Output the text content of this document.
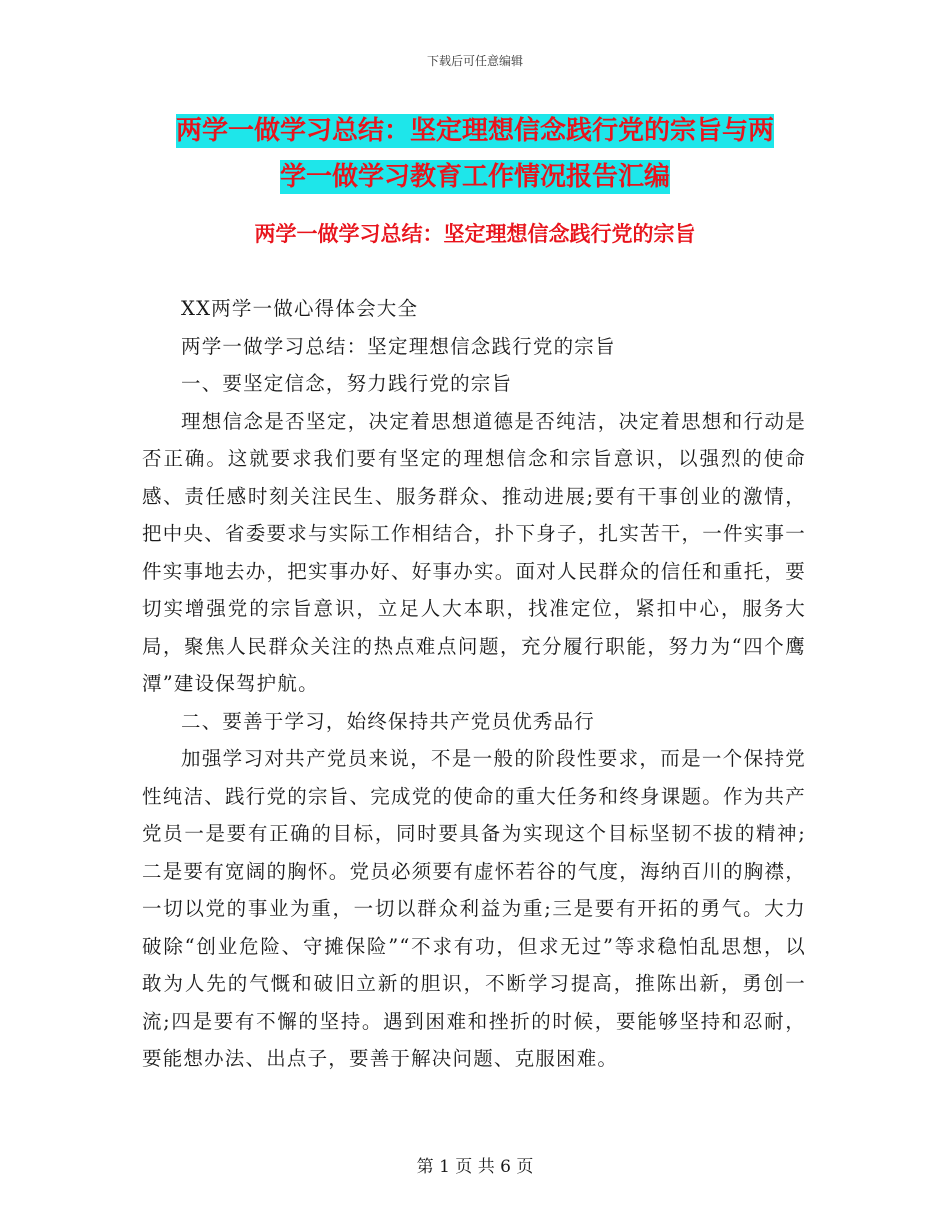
下载后可任意编辑
两学一做学习总结：坚定理想信念践行党的宗旨与两
学一做学习教育工作情况报告汇编
两学一做学习总结：坚定理想信念践行党的宗旨

XX两学一做心得体会大全

两学一做学习总结：坚定理想信念践行党的宗旨

一、要坚定信念，努力践行党的宗旨

理想信念是否坚定，决定着思想道德是否纯洁，决定着思想和行动是否正确。这就要求我们要有坚定的理想信念和宗旨意识，以强烈的使命感、责任感时刻关注民生、服务群众、推动进展;要有干事创业的激情，把中央、省委要求与实际工作相结合，扑下身子，扎实苦干，一件实事一件实事地去办，把实事办好、好事办实。面对人民群众的信任和重托，要切实增强党的宗旨意识，立足人大本职，找准定位，紧扣中心，服务大局，聚焦人民群众关注的热点难点问题，充分履行职能，努力为“四个鹰潭”建设保驾护航。

二、要善于学习，始终保持共产党员优秀品行

加强学习对共产党员来说，不是一般的阶段性要求，而是一个保持党性纯洁、践行党的宗旨、完成党的使命的重大任务和终身课题。作为共产党员一是要有正确的目标，同时要具备为实现这个目标坚韧不拔的精神;二是要有宽阔的胸怀。党员必须要有虚怀若谷的气度，海纳百川的胸襟，一切以党的事业为重，一切以群众利益为重;三是要有开拓的勇气。大力破除“创业危险、守摊保险”“不求有功，但求无过”等求稳怕乱思想，以敢为人先的气慨和破旧立新的胆识，不断学习提高，推陈出新，勇创一流;四是要有不懈的坚持。遇到困难和挫折的时候，要能够坚持和忍耐，要能想办法、出点子，要善于解决问题、克服困难。

第 1 页 共 6 页
